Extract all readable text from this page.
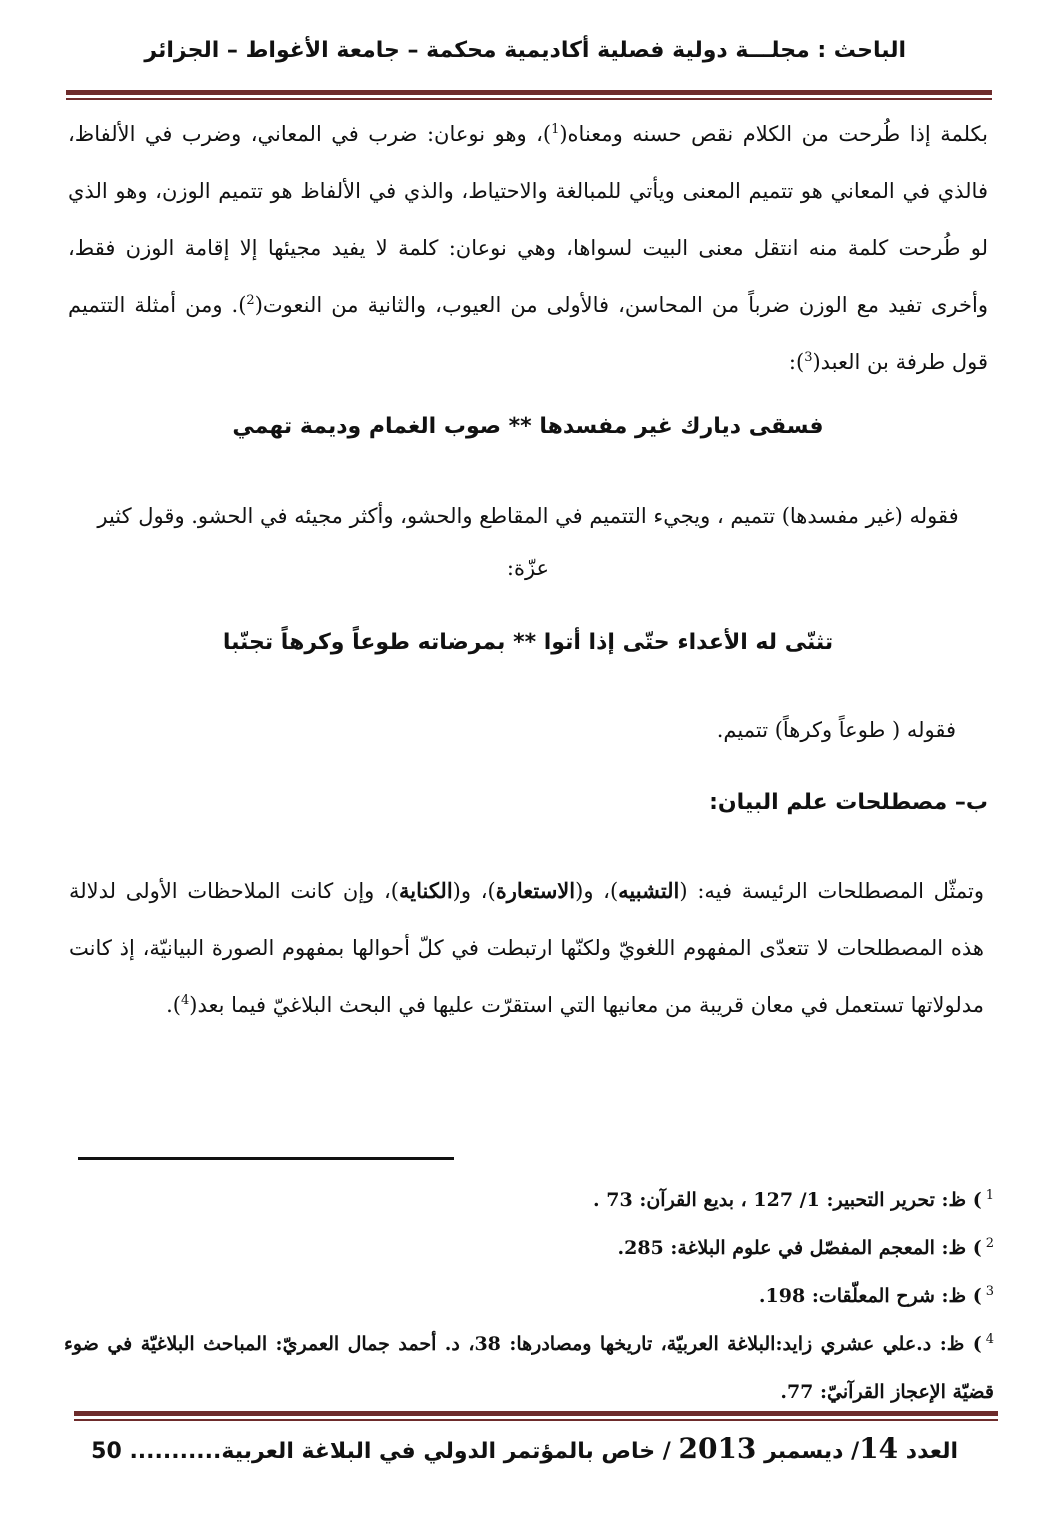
الباحث : مجلـــة دولية فصلية أكاديمية محكمة – جامعة الأغواط – الجزائر
بكلمة إذا طُرحت من الكلام نقص حسنه ومعناه($^1$)، وهو نوعان: ضرب في المعاني، وضرب في الألفاظ، فالذي في المعاني هو تتميم المعنى ويأتي للمبالغة والاحتياط، والذي في الألفاظ هو تتميم الوزن، وهو الذي لو طُرحت كلمة منه انتقل معنى البيت لسواها، وهي نوعان: كلمة لا يفيد مجيئها إلا إقامة الوزن فقط، وأخرى تفيد مع الوزن ضرباً من المحاسن، فالأولى من العيوب، والثانية من النعوت($^2$). ومن أمثلة التتميم قول طرفة بن العبد($^3$):
فسقى ديارك غير مفسدها ** صوب الغمام وديمة تهمي
فقوله (غير مفسدها) تتميم ، ويجيء التتميم في المقاطع والحشو، وأكثر مجيئه في الحشو. وقول كثير عزّة:
تثنّى له الأعداء حتّى إذا أتوا ** بمرضاته طوعاً وكرهاً تجنّبا
فقوله ( طوعاً وكرهاً) تتميم.
ب– مصطلحات علم البيان:
وتمثّل المصطلحات الرئيسة فيه: (التشبيه)، و(الاستعارة)، و(الكناية)، وإن كانت الملاحظات الأولى لدلالة هذه المصطلحات لا تتعدّى المفهوم اللغويّ ولكنّها ارتبطت في كلّ أحوالها بمفهوم الصورة البيانيّة، إذ كانت مدلولاتها تستعمل في معان قريبة من معانيها التي استقرّت عليها في البحث البلاغيّ فيما بعد($^4$).
$^1$) ظ: تحرير التحبير: 1/ 127 ، بديع القرآن: 73 .
$^2$) ظ: المعجم المفصّل في علوم البلاغة: 285.
$^3$) ظ: شرح المعلّقات: 198.
$^4$) ظ: د.علي عشري زايد:البلاغة العربيّة، تاريخها ومصادرها: 38، د. أحمد جمال العمريّ: المباحث البلاغيّة في ضوء قضيّة الإعجاز القرآنيّ: 77.
العدد 14/ ديسمبر 2013 / خاص بالمؤتمر الدولي في البلاغة العربية........... 50
